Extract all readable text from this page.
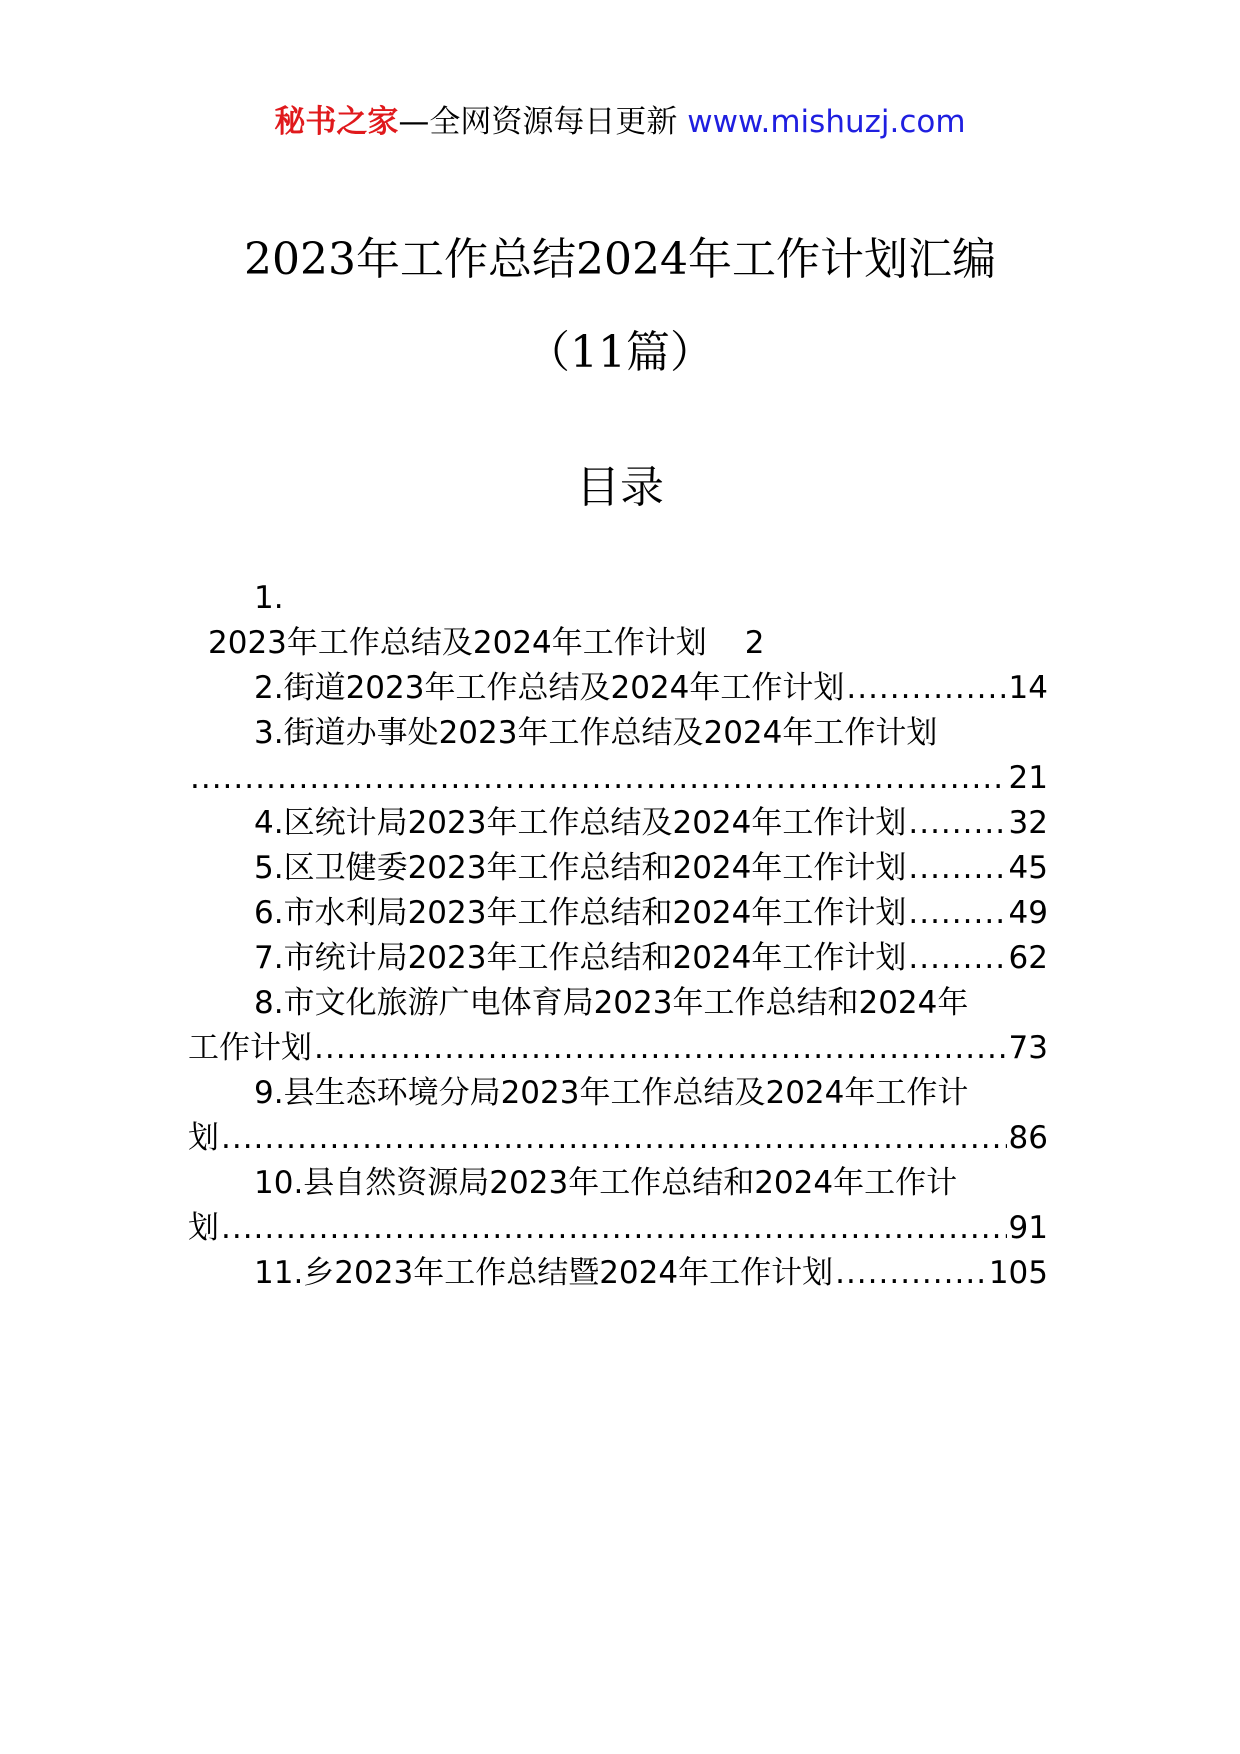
秘书之家—全网资源每日更新 www.mishuzj.com
2023年工作总结2024年工作计划汇编
（11篇）
目录
1.
2023年工作总结及2024年工作计划 2
2.街道2023年工作总结及2024年工作计划 .....	14
3.街道办事处2023年工作总结及2024年工作计划
.....
21
4.区统计局2023年工作总结及2024年工作计划 .....	32
5.区卫健委2023年工作总结和2024年工作计划 .....	45
6.市水利局2023年工作总结和2024年工作计划 .....	49
7.市统计局2023年工作总结和2024年工作计划 .....	62
8.市文化旅游广电体育局2023年工作总结和2024年
工作计划 .....	73
9.县生态环境分局2023年工作总结及2024年工作计
划 .....	86
10.县自然资源局2023年工作总结和2024年工作计
划 .....	91
11.乡2023年工作总结暨2024年工作计划 .....	105
